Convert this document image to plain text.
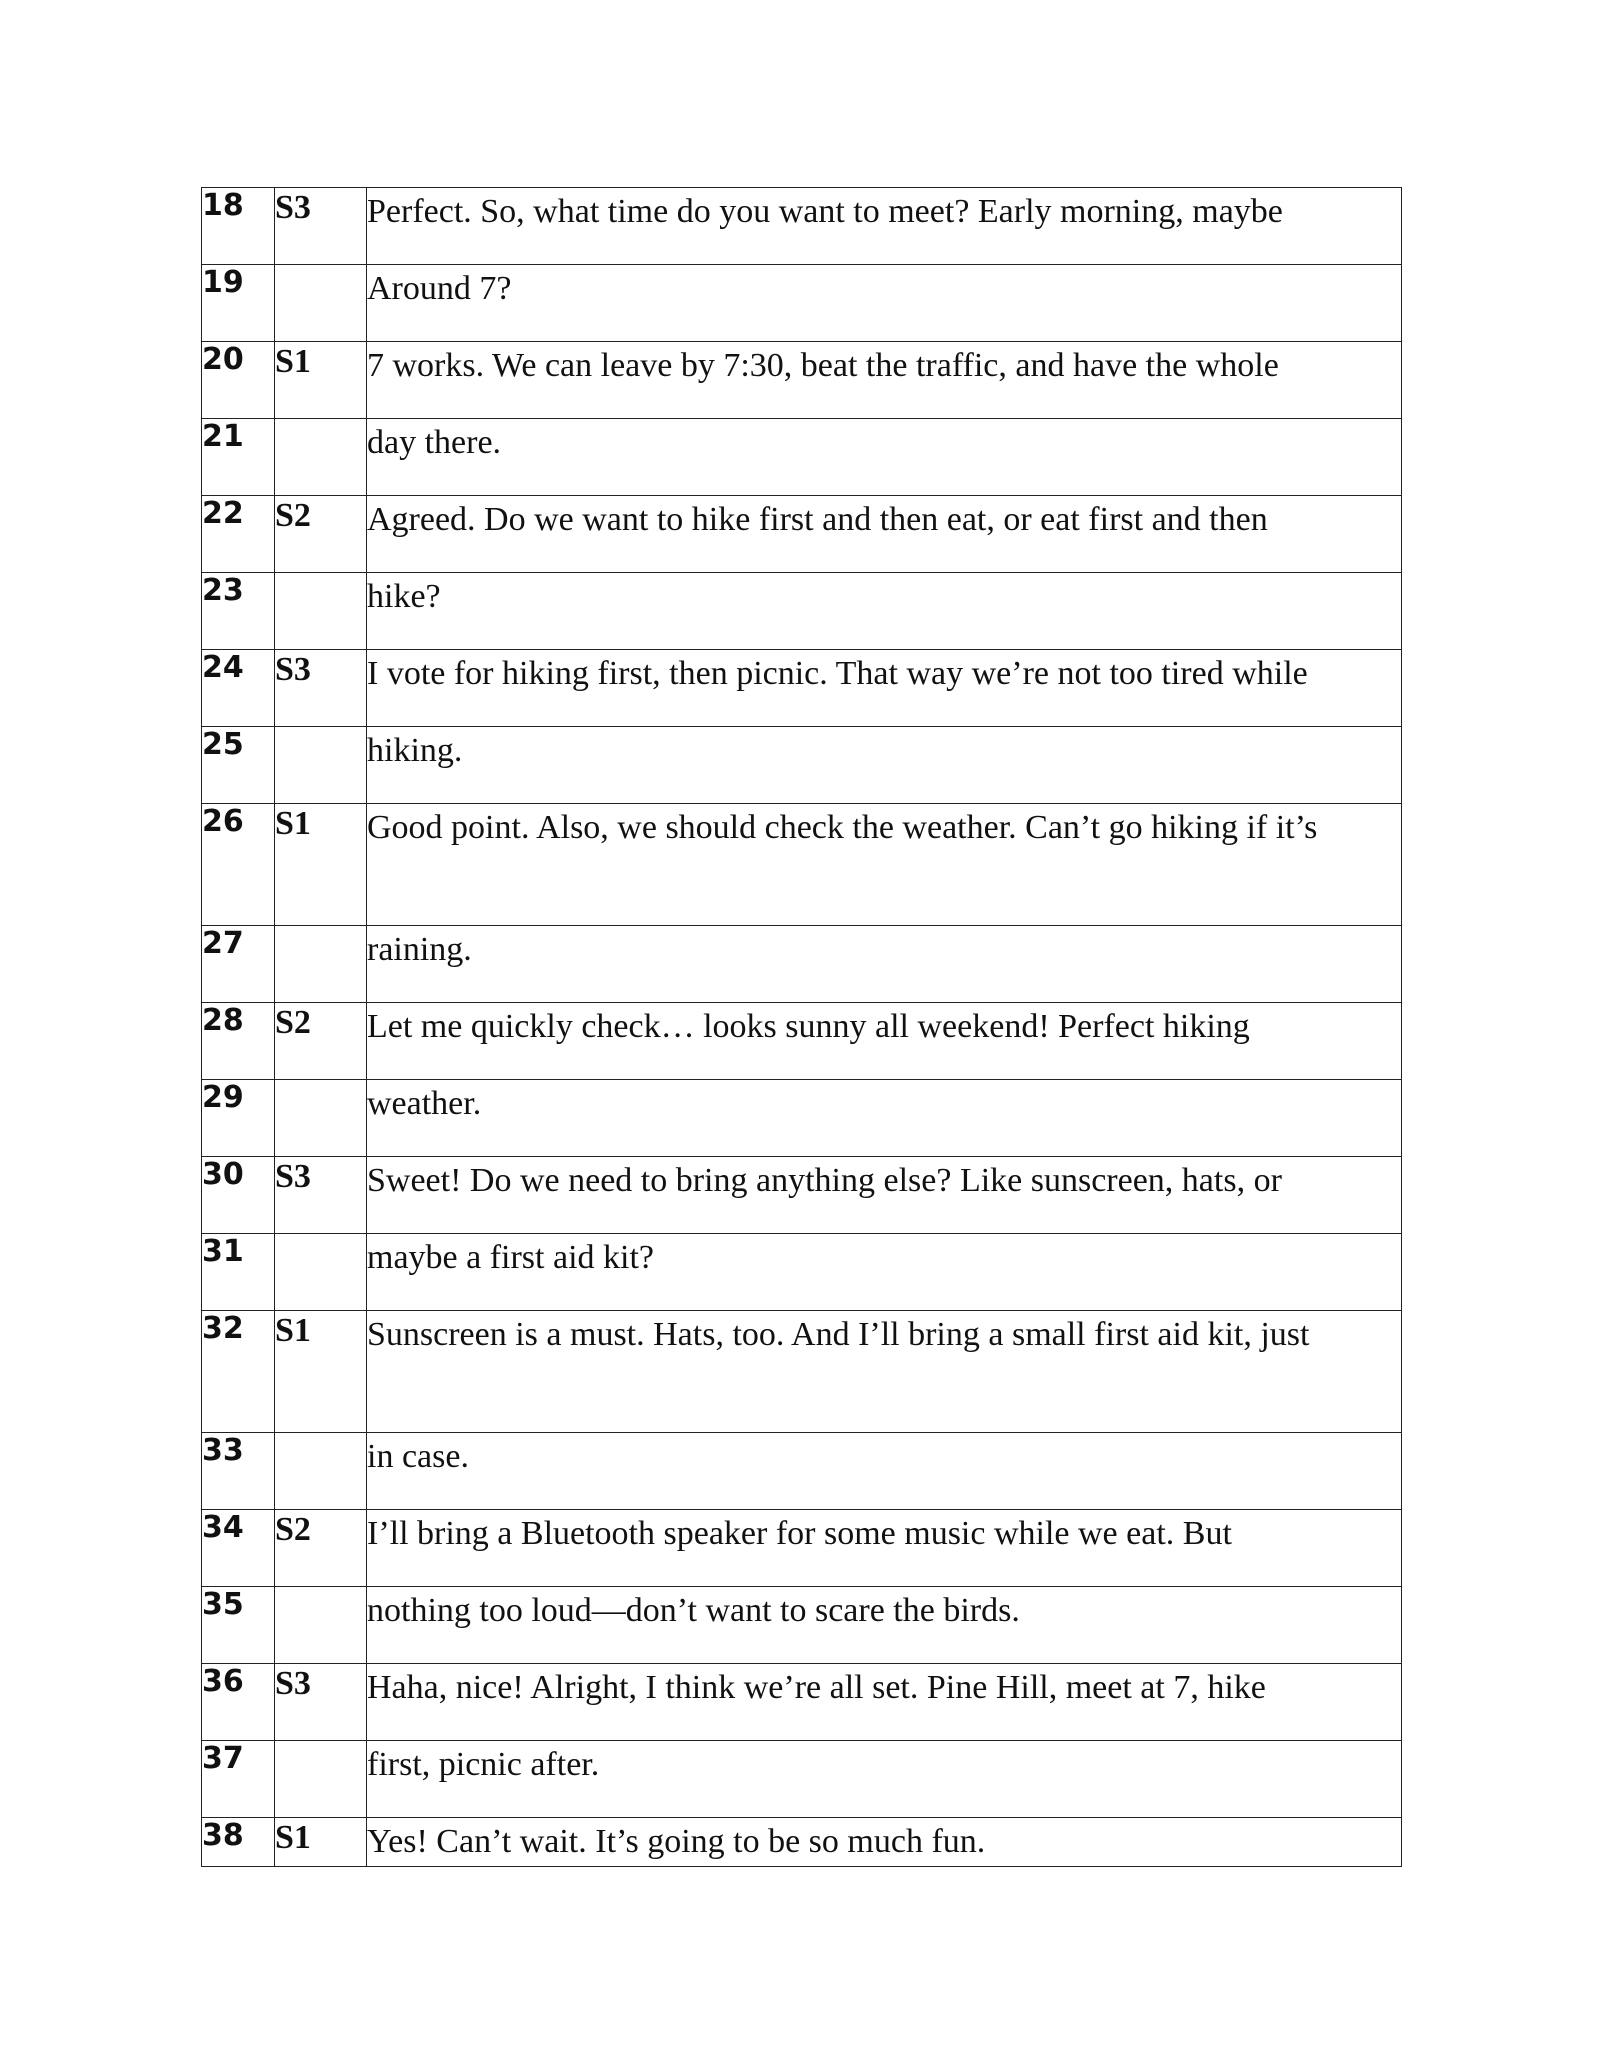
18	S3	Perfect. So, what time do you want to meet? Early morning, maybe
19		Around 7?
20	S1	7 works. We can leave by 7:30, beat the traffic, and have the whole
21		day there.
22	S2	Agreed. Do we want to hike first and then eat, or eat first and then
23		hike?
24	S3	I vote for hiking first, then picnic. That way we’re not too tired while
25		hiking.
26	S1	Good point. Also, we should check the weather. Can’t go hiking if it’s
27		raining.
28	S2	Let me quickly check… looks sunny all weekend! Perfect hiking
29		weather.
30	S3	Sweet! Do we need to bring anything else? Like sunscreen, hats, or
31		maybe a first aid kit?
32	S1	Sunscreen is a must. Hats, too. And I’ll bring a small first aid kit, just
33		in case.
34	S2	I’ll bring a Bluetooth speaker for some music while we eat. But
35		nothing too loud—don’t want to scare the birds.
36	S3	Haha, nice! Alright, I think we’re all set. Pine Hill, meet at 7, hike
37		first, picnic after.
38	S1	Yes! Can’t wait. It’s going to be so much fun.
